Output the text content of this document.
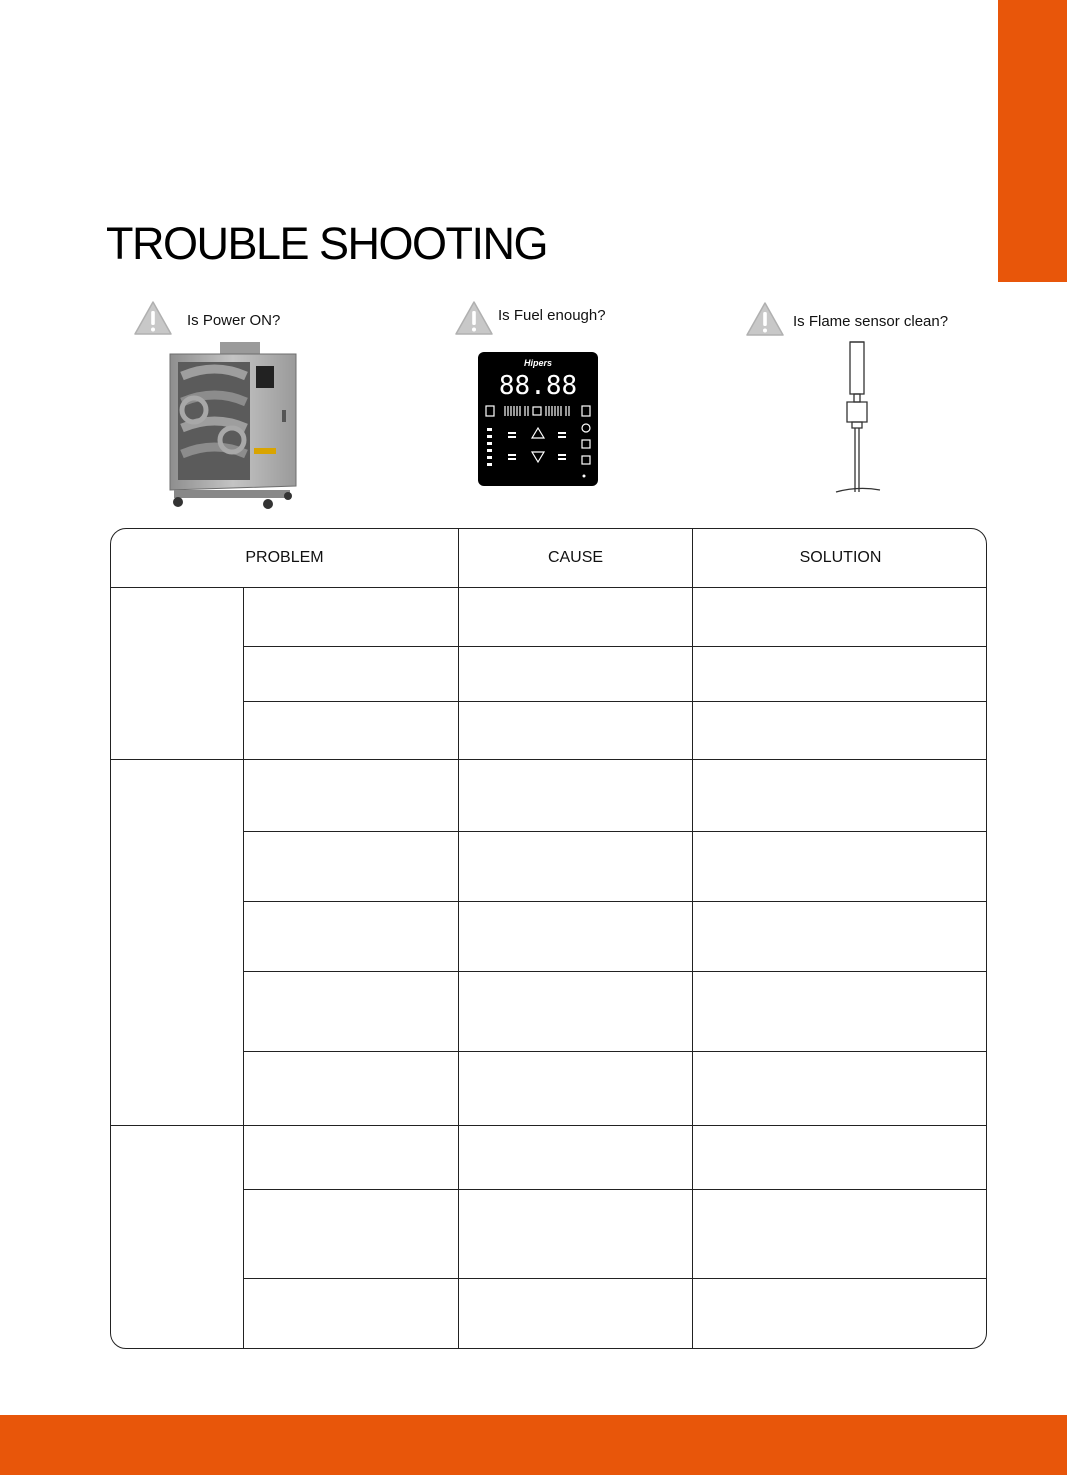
TROUBLE SHOOTING
Is Power ON?	Is Fuel enough?	Is Flame sensor clean?
Hipers
88.88
PROBLEM	CAUSE	SOLUTION
